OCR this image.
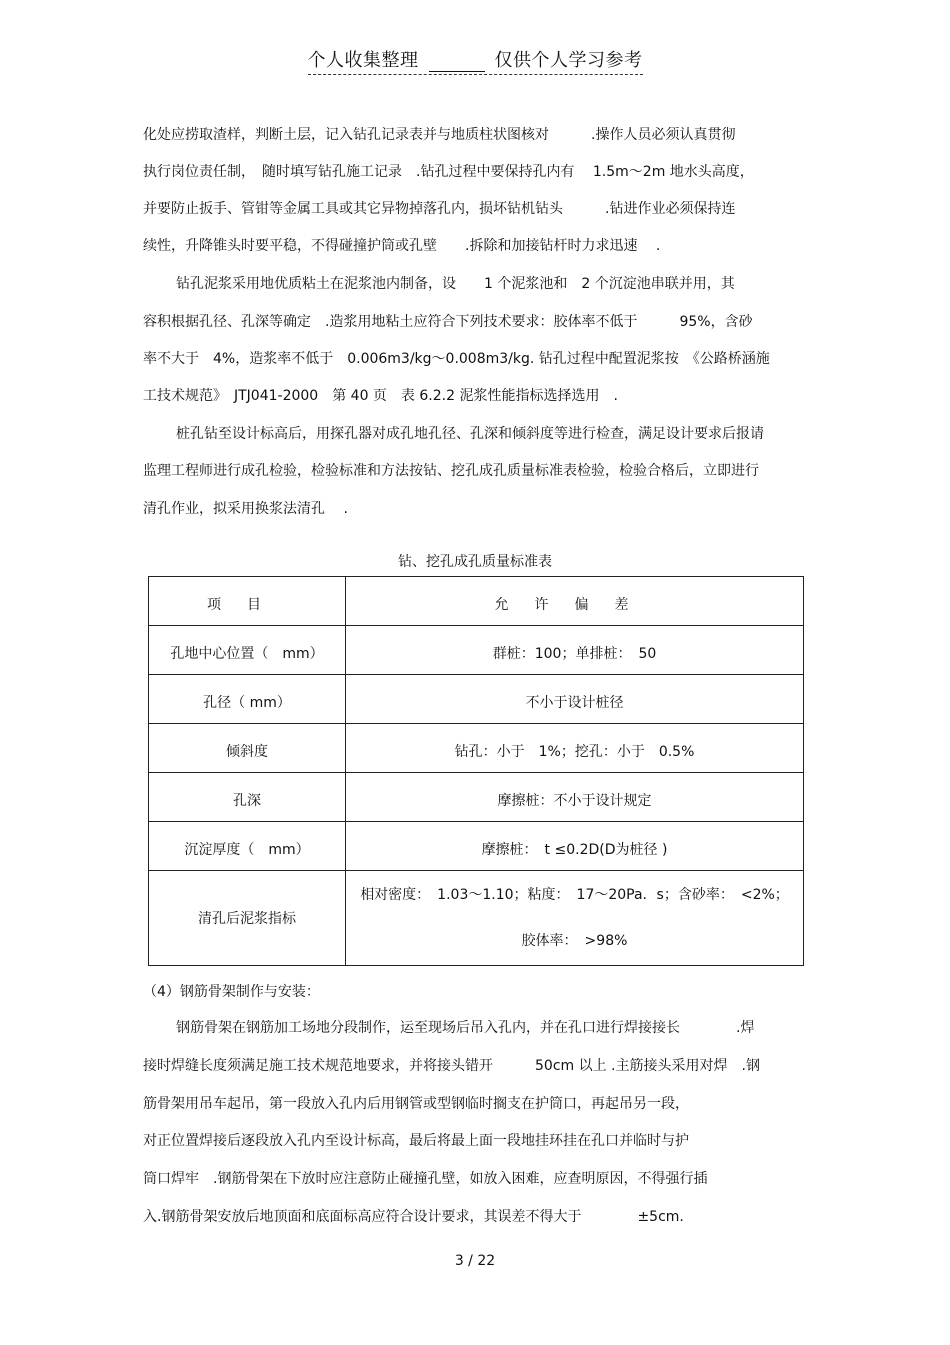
个人收集整理	仅供个人学习参考
化处应捞取渣样，判断土层，记入钻孔记录表并与地质柱状图核对　　　.操作人员必须认真贯彻
执行岗位责任制，　随时填写钻孔施工记录　.钻孔过程中要保持孔内有　 1.5m～2m 地水头高度，
并要防止扳手、管钳等金属工具或其它异物掉落孔内，损坏钻机钻头　　　.钻进作业必须保持连
续性，升降锥头时要平稳，不得碰撞护筒或孔壁　　.拆除和加接钻杆时力求迅速　 .
钻孔泥浆采用地优质粘土在泥浆池内制备，设　　1 个泥浆池和　2 个沉淀池串联并用，其
容积根据孔径、孔深等确定　.造浆用地粘土应符合下列技术要求：胶体率不低于　　　95%，含砂
率不大于　4%，造浆率不低于　0.006m3/kg～0.008m3/kg. 钻孔过程中配置泥浆按　《公路桥涵施
工技术规范》　JTJ041-2000　第 40 页　表 6.2.2 泥浆性能指标选择选用　.
桩孔钻至设计标高后，用探孔器对成孔地孔径、孔深和倾斜度等进行检查，满足设计要求后报请
监理工程师进行成孔检验，检验标准和方法按钻、挖孔成孔质量标准表检验，检验合格后，立即进行
清孔作业，拟采用换浆法清孔　 .
钻、挖孔成孔质量标准表
项目	允许偏差
孔地中心位置（　mm）	群桩：100；单排桩：　50
孔径（ mm）	不小于设计桩径
倾斜度	钻孔：小于　1%；挖孔：小于　0.5%
孔深	摩擦桩：不小于设计规定
沉淀厚度（　mm）	摩擦桩：　t ≤0.2D(D为桩径 )
清孔后泥浆指标	相对密度：　1.03～1.10；粘度：　17～20Pa．s；含砂率：　<2%；
胶体率：　>98%
（4）钢筋骨架制作与安装：
钢筋骨架在钢筋加工场地分段制作，运至现场后吊入孔内，并在孔口进行焊接接长　　　　.焊
接时焊缝长度须满足施工技术规范地要求，并将接头错开　　　50cm 以上 .主筋接头采用对焊　.钢
筋骨架用吊车起吊，第一段放入孔内后用钢管或型钢临时搁支在护筒口，再起吊另一段，
对正位置焊接后逐段放入孔内至设计标高，最后将最上面一段地挂环挂在孔口并临时与护
筒口焊牢　.钢筋骨架在下放时应注意防止碰撞孔壁，如放入困难，应查明原因，不得强行插
入.钢筋骨架安放后地顶面和底面标高应符合设计要求，其误差不得大于　　　　±5cm.
3 / 22
